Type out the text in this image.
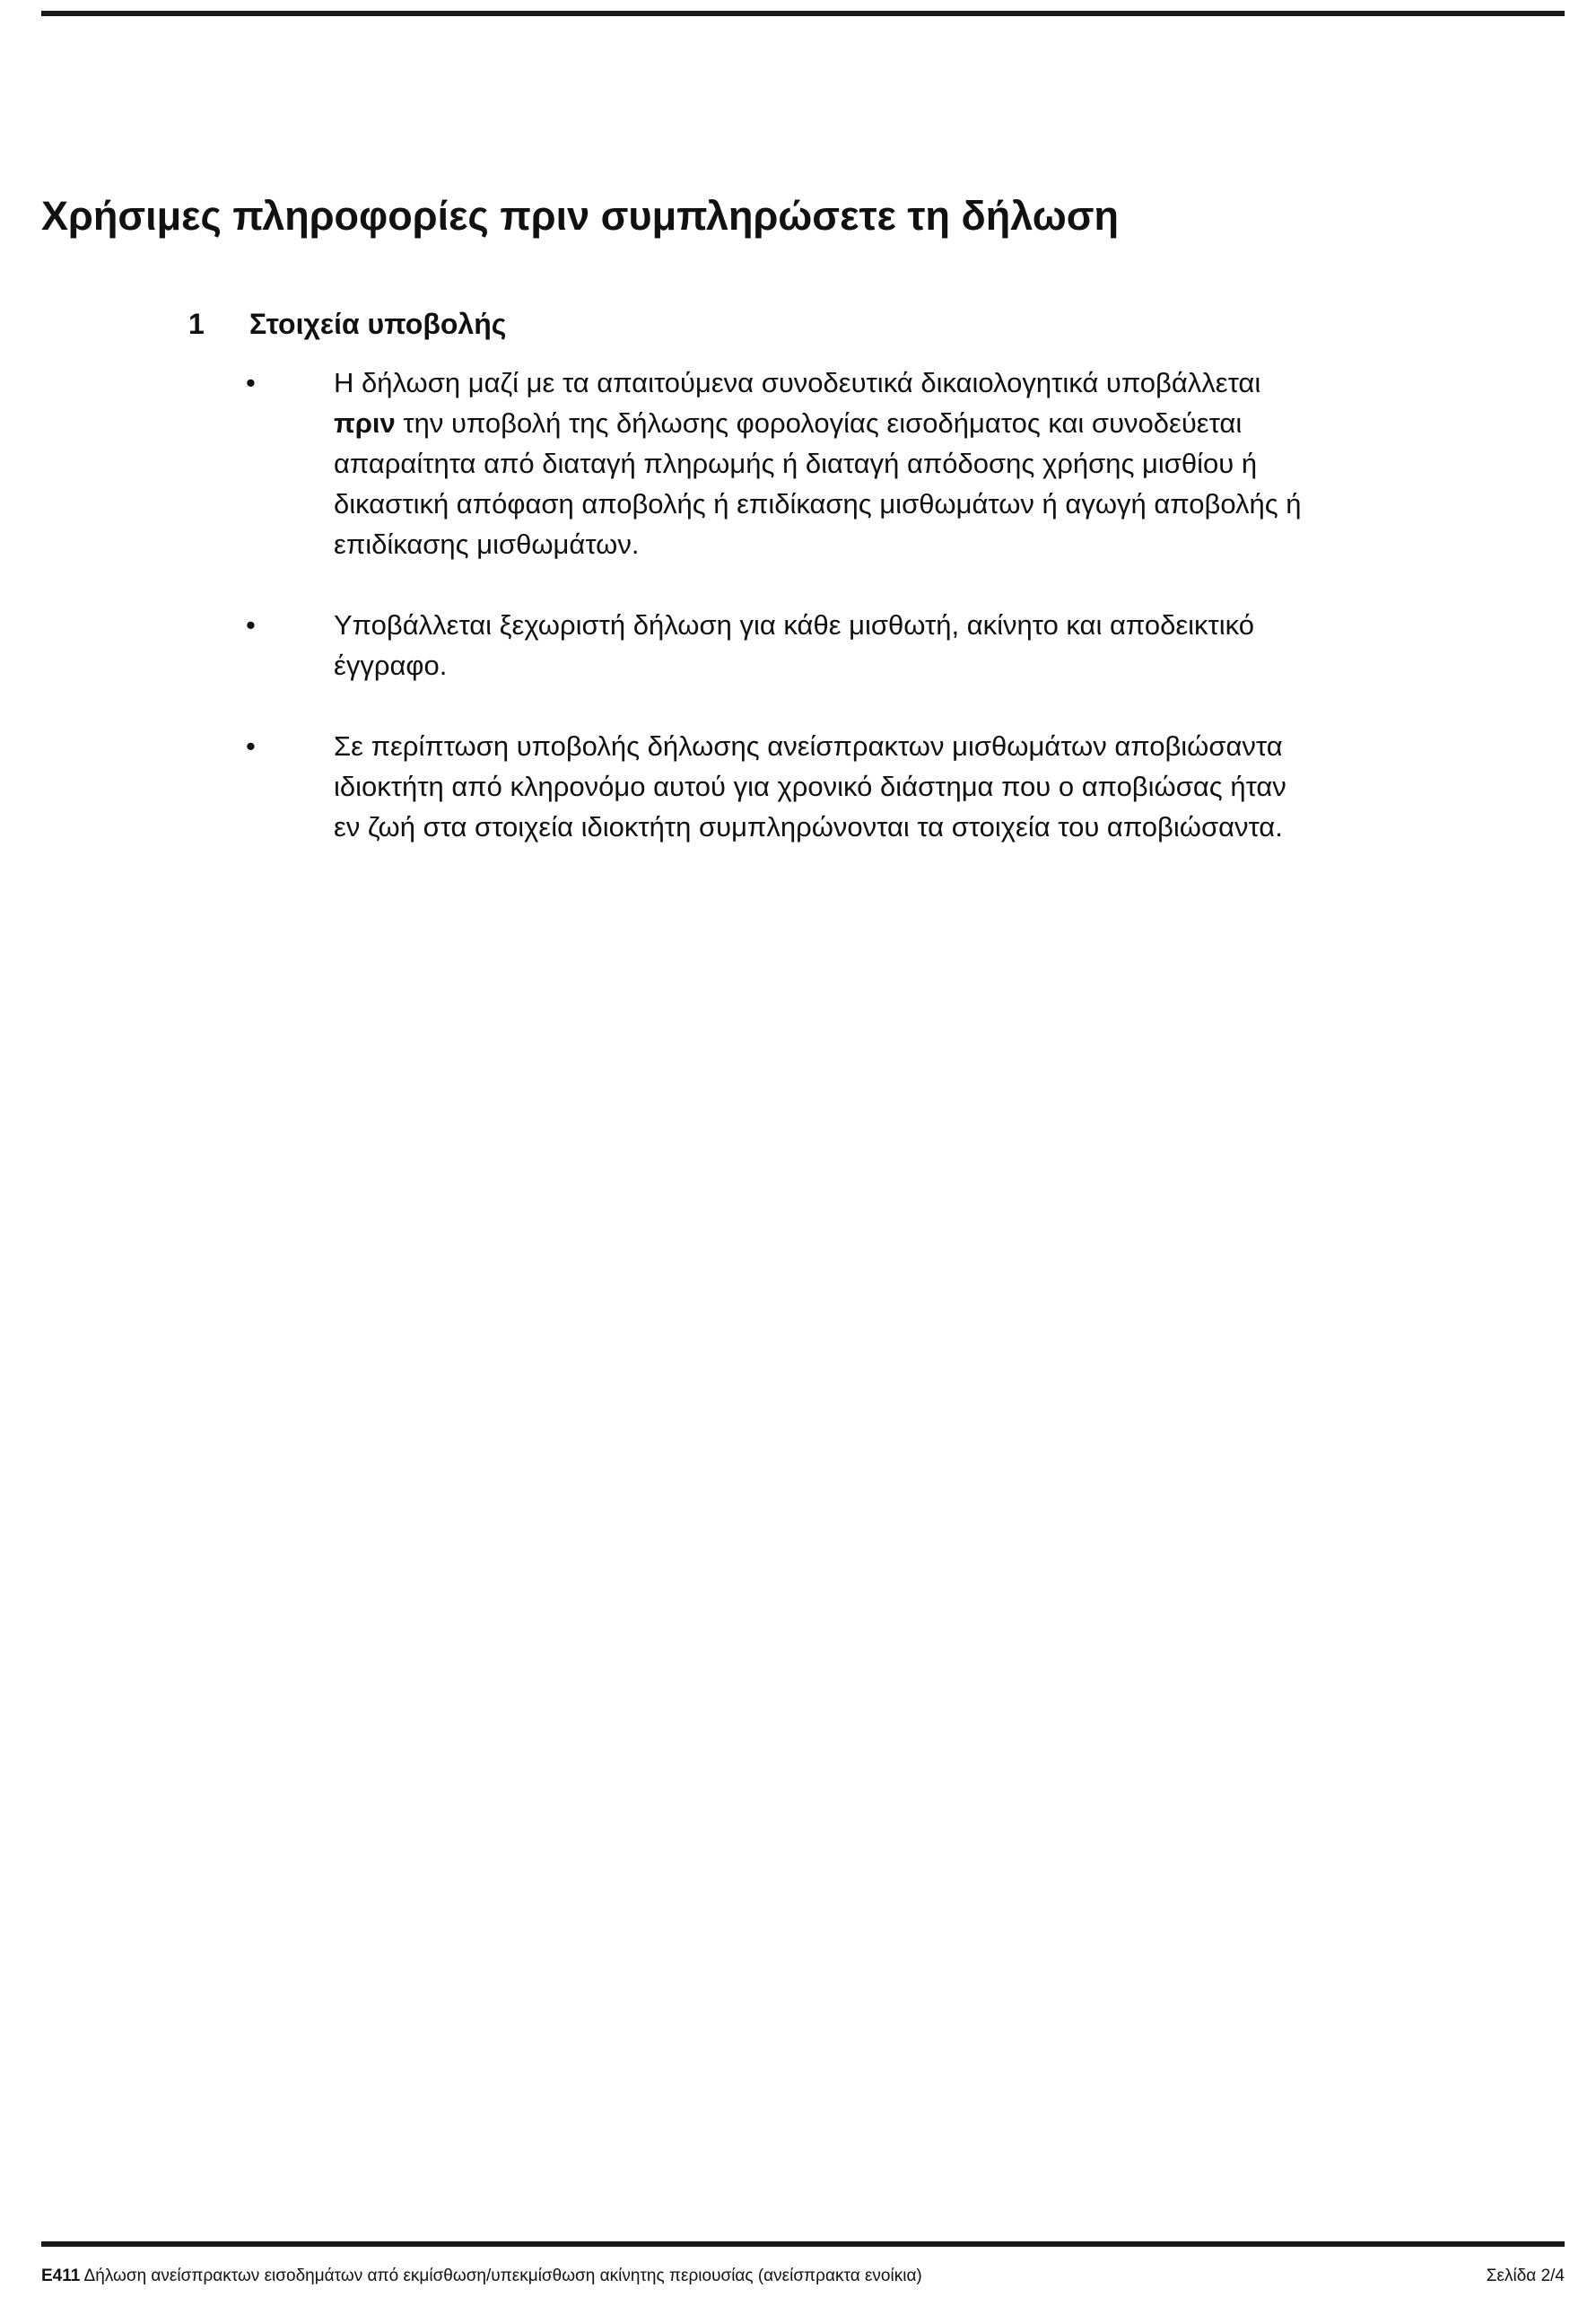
Χρήσιμες πληροφορίες πριν συμπληρώσετε τη δήλωση
1	Στοιχεία υποβολής
•	Η δήλωση μαζί με τα απαιτούμενα συνοδευτικά δικαιολογητικά υποβάλλεται πριν την υποβολή της δήλωσης φορολογίας εισοδήματος και συνοδεύεται απαραίτητα από διαταγή πληρωμής ή διαταγή απόδοσης χρήσης μισθίου ή δικαστική απόφαση αποβολής ή επιδίκασης μισθωμάτων ή αγωγή αποβολής ή επιδίκασης μισθωμάτων.
•	Υποβάλλεται ξεχωριστή δήλωση για κάθε μισθωτή, ακίνητο και αποδεικτικό έγγραφο.
•	Σε περίπτωση υποβολής δήλωσης ανείσπρακτων μισθωμάτων αποβιώσαντα ιδιοκτήτη από κληρονόμο αυτού για χρονικό διάστημα που ο αποβιώσας ήταν εν ζωή στα στοιχεία ιδιοκτήτη συμπληρώνονται τα στοιχεία του αποβιώσαντα.
Ε411 Δήλωση ανείσπρακτων εισοδημάτων από εκμίσθωση/υπεκμίσθωση ακίνητης περιουσίας (ανείσπρακτα ενοίκια)	Σελίδα 2/4
